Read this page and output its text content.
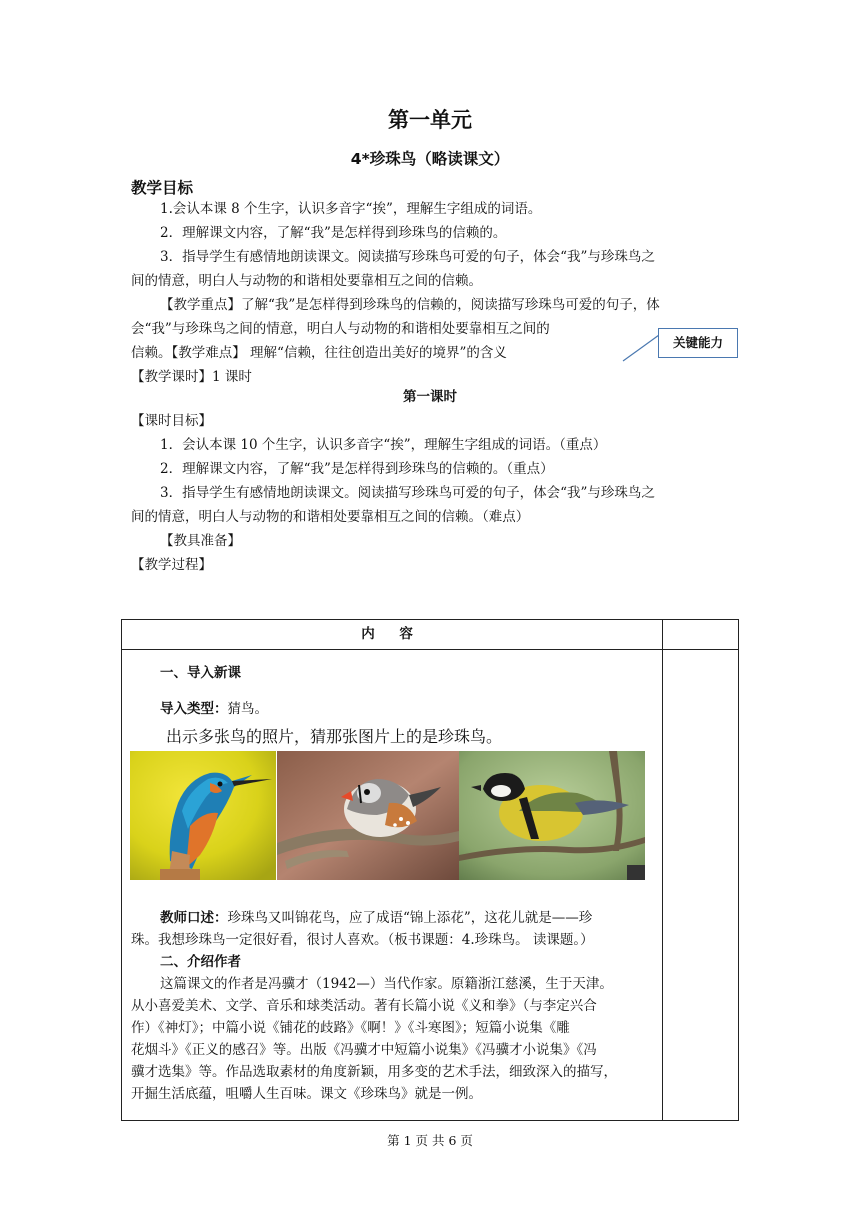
第一单元
4*珍珠鸟（略读课文）
教学目标
1.会认本课 8 个生字，认识多音字“挨”，理解生字组成的词语。
2．理解课文内容，了解“我”是怎样得到珍珠鸟的信赖的。
3．指导学生有感情地朗读课文。阅读描写珍珠鸟可爱的句子，体会“我”与珍珠鸟之
间的情意，明白人与动物的和谐相处要靠相互之间的信赖。
【教学重点】了解“我”是怎样得到珍珠鸟的信赖的，阅读描写珍珠鸟可爱的句子，体
会“我”与珍珠鸟之间的情意，明白人与动物的和谐相处要靠相互之间的
信赖。【教学难点】 理解“信赖，往往创造出美好的境界”的含义
【教学课时】1 课时
关键能力
第一课时
【课时目标】
1．会认本课 10 个生字，认识多音字“挨”，理解生字组成的词语。（重点）
2．理解课文内容，了解“我”是怎样得到珍珠鸟的信赖的。（重点）
3．指导学生有感情地朗读课文。阅读描写珍珠鸟可爱的句子，体会“我”与珍珠鸟之
间的情意，明白人与动物的和谐相处要靠相互之间的信赖。（难点）
【教具准备】
【教学过程】
内 容	

一、导入新课
导入类型：猜鸟。
出示多张鸟的照片，猜那张图片上的是珍珠鸟。
教师口述：珍珠鸟又叫锦花鸟，应了成语“锦上添花”，这花儿就是——珍
珠。我想珍珠鸟一定很好看，很讨人喜欢。（板书课题：4.珍珠鸟。 读课题。）
二、介绍作者
这篇课文的作者是冯骥才（1942—）当代作家。原籍浙江慈溪，生于天津。
从小喜爱美术、文学、音乐和球类活动。著有长篇小说《义和拳》（与李定兴合
作）《神灯》；中篇小说《铺花的歧路》《啊！》《斗寒图》；短篇小说集《雕
花烟斗》《正义的感召》等。出版《冯骥才中短篇小说集》《冯骥才小说集》《冯
骥才选集》等。作品选取素材的角度新颖，用多变的艺术手法，细致深入的描写，
开掘生活底蕴，咀嚼人生百味。课文《珍珠鸟》就是一例。
第 1 页 共 6 页
